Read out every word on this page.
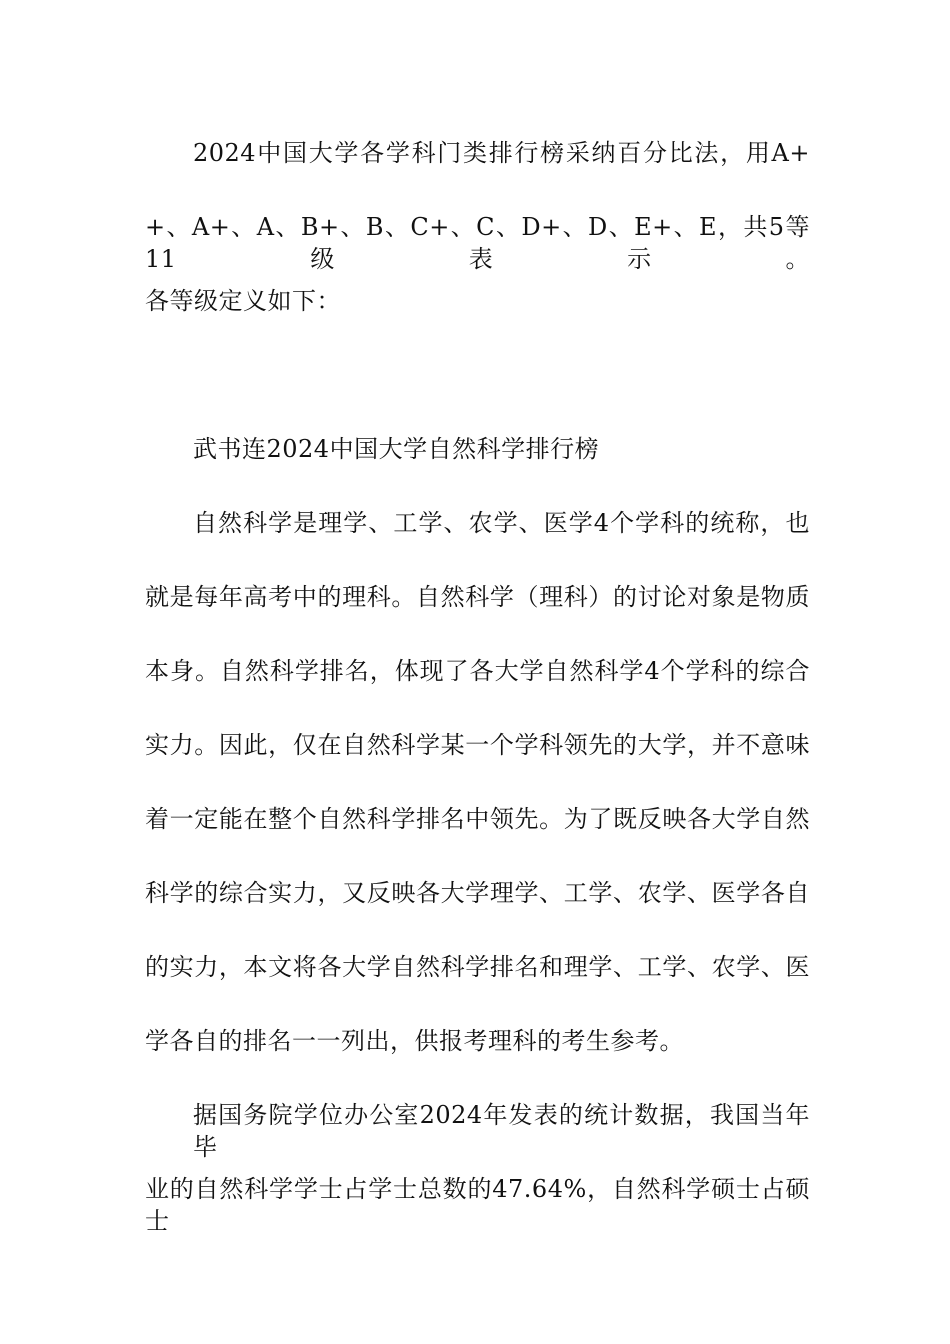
2024中国大学各学科门类排行榜采纳百分比法，用A+
+、A+、A、B+、B、C+、C、D+、D、E+、E，共5等11级表示。
各等级定义如下：
武书连2024中国大学自然科学排行榜
自然科学是理学、工学、农学、医学4个学科的统称，也
就是每年高考中的理科。自然科学（理科）的讨论对象是物质
本身。自然科学排名，体现了各大学自然科学4个学科的综合
实力。因此，仅在自然科学某一个学科领先的大学，并不意味
着一定能在整个自然科学排名中领先。为了既反映各大学自然
科学的综合实力，又反映各大学理学、工学、农学、医学各自
的实力，本文将各大学自然科学排名和理学、工学、农学、医
学各自的排名一一列出，供报考理科的考生参考。
据国务院学位办公室2024年发表的统计数据，我国当年毕
业的自然科学学士占学士总数的47.64%，自然科学硕士占硕士
